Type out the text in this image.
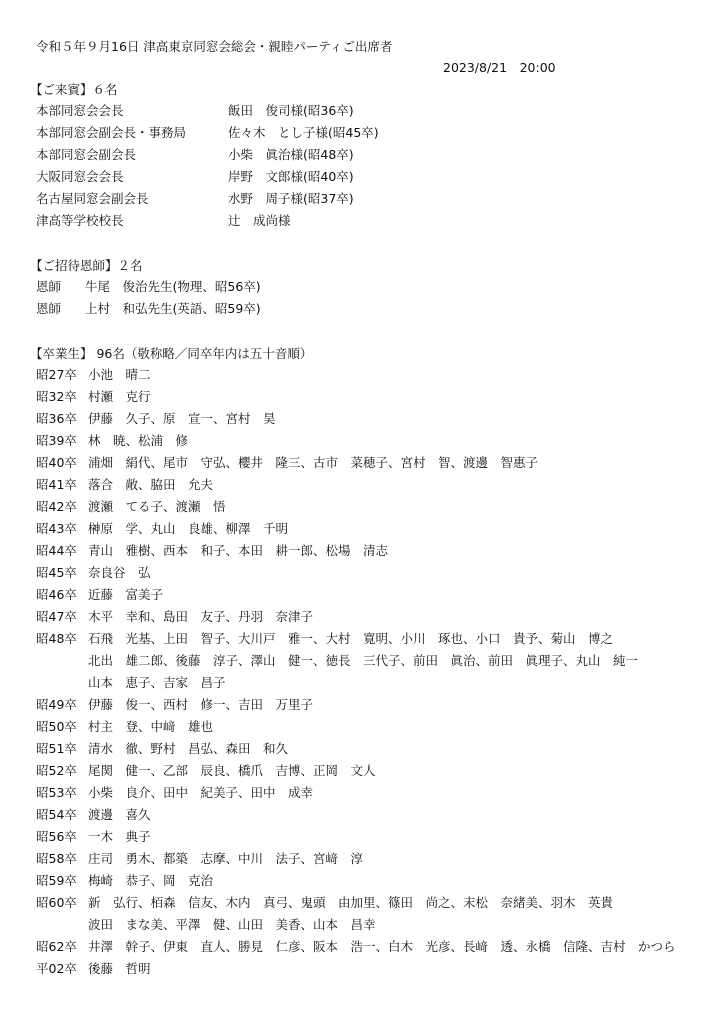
令和５年９月16日 津高東京同窓会総会・親睦パーティご出席者
2023/8/21　20:00
【ご来賓】６名
本部同窓会会長	飯田　俊司様(昭36卒)
本部同窓会副会長・事務局	佐々木　とし子様(昭45卒)
本部同窓会副会長	小柴　眞治様(昭48卒)
大阪同窓会会長	岸野　文郎様(昭40卒)
名古屋同窓会副会長	水野　周子様(昭37卒)
津高等学校校長	辻　成尚様
【ご招待恩師】２名
恩師 牛尾　俊治先生(物理、昭56卒)
恩師 上村　和弘先生(英語、昭59卒)
【卒業生】 96名（敬称略／同卒年内は五十音順）
昭27卒 小池　晴二
昭32卒 村瀬　克行
昭36卒 伊藤　久子、原　宣一、宮村　昊
昭39卒 林　暁、松浦　修
昭40卒 浦畑　絹代、尾市　守弘、櫻井　隆三、古市　菜穂子、宮村　智、渡邊　智惠子
昭41卒 落合　敞、脇田　允夫
昭42卒 渡瀬　てる子、渡瀬　悟
昭43卒 榊原　学、丸山　良雄、柳澤　千明
昭44卒 青山　雅樹、西本　和子、本田　耕一郎、松場　清志
昭45卒 奈良谷　弘
昭46卒 近藤　富美子
昭47卒 木平　幸和、島田　友子、丹羽　奈津子
昭48卒 石飛　光基、上田　智子、大川戸　雅一、大村　寛明、小川　琢也、小口　貴予、菊山　博之
北出　雄二郎、後藤　淳子、澤山　健一、徳長　三代子、前田　眞治、前田　眞理子、丸山　純一
山本　恵子、吉家　昌子
昭49卒 伊藤　俊一、西村　修一、吉田　万里子
昭50卒 村主　登、中﨑　雄也
昭51卒 清水　徹、野村　昌弘、森田　和久
昭52卒 尾関　健一、乙部　辰良、橋爪　吉博、正岡　文人
昭53卒 小柴　良介、田中　紀美子、田中　成幸
昭54卒 渡邊　喜久
昭56卒 一木　典子
昭58卒 庄司　勇木、都築　志摩、中川　法子、宮﨑　淳
昭59卒 梅崎　恭子、岡　克治
昭60卒 新　弘行、栢森　信友、木内　真弓、鬼頭　由加里、篠田　尚之、末松　奈緒美、羽木　英貴
波田　まな美、平澤　健、山田　美香、山本　昌幸
昭62卒 井澤　幹子、伊東　直人、勝見　仁彦、阪本　浩一、白木　光彦、長﨑　透、永橋　信隆、吉村　かつら
平02卒 後藤　哲明
